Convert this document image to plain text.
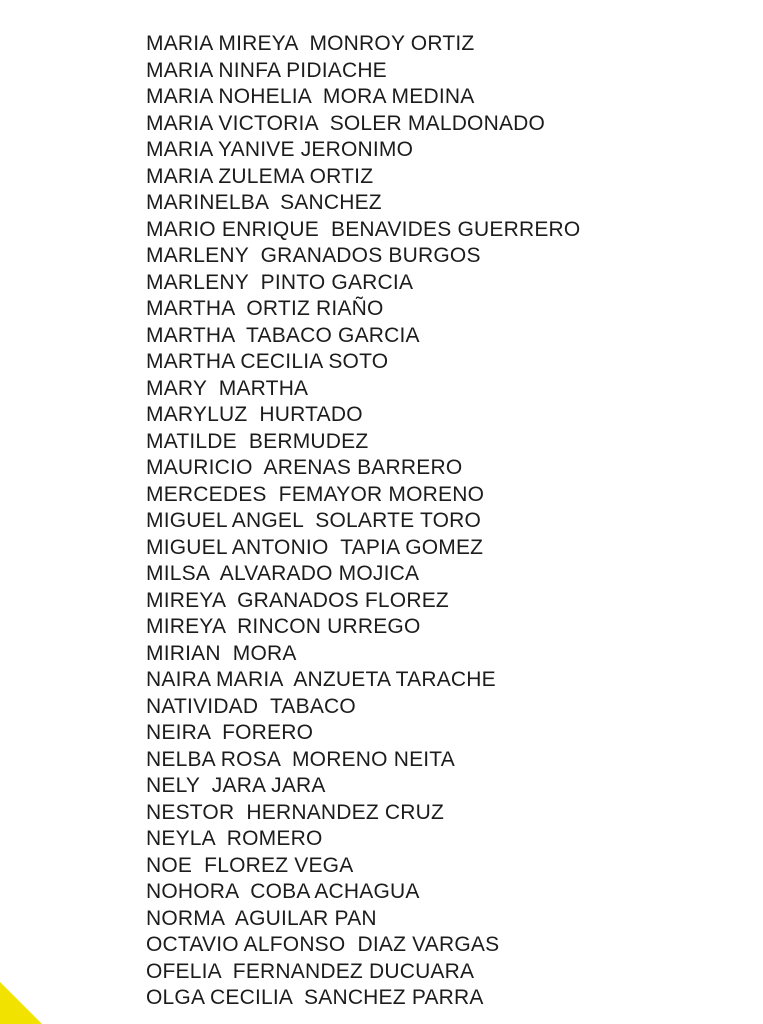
MARIA MIREYA  MONROY ORTIZ
MARIA NINFA PIDIACHE
MARIA NOHELIA  MORA MEDINA
MARIA VICTORIA  SOLER MALDONADO
MARIA YANIVE JERONIMO
MARIA ZULEMA ORTIZ
MARINELBA  SANCHEZ
MARIO ENRIQUE  BENAVIDES GUERRERO
MARLENY  GRANADOS BURGOS
MARLENY  PINTO GARCIA
MARTHA  ORTIZ RIAÑO
MARTHA  TABACO GARCIA
MARTHA CECILIA SOTO
MARY  MARTHA
MARYLUZ  HURTADO
MATILDE  BERMUDEZ
MAURICIO  ARENAS BARRERO
MERCEDES  FEMAYOR MORENO
MIGUEL ANGEL  SOLARTE TORO
MIGUEL ANTONIO  TAPIA GOMEZ
MILSA  ALVARADO MOJICA
MIREYA  GRANADOS FLOREZ
MIREYA  RINCON URREGO
MIRIAN  MORA
NAIRA MARIA  ANZUETA TARACHE
NATIVIDAD  TABACO
NEIRA  FORERO
NELBA ROSA  MORENO NEITA
NELY  JARA JARA
NESTOR  HERNANDEZ CRUZ
NEYLA  ROMERO
NOE  FLOREZ VEGA
NOHORA  COBA ACHAGUA
NORMA  AGUILAR PAN
OCTAVIO ALFONSO  DIAZ VARGAS
OFELIA  FERNANDEZ DUCUARA
OLGA CECILIA  SANCHEZ PARRA
